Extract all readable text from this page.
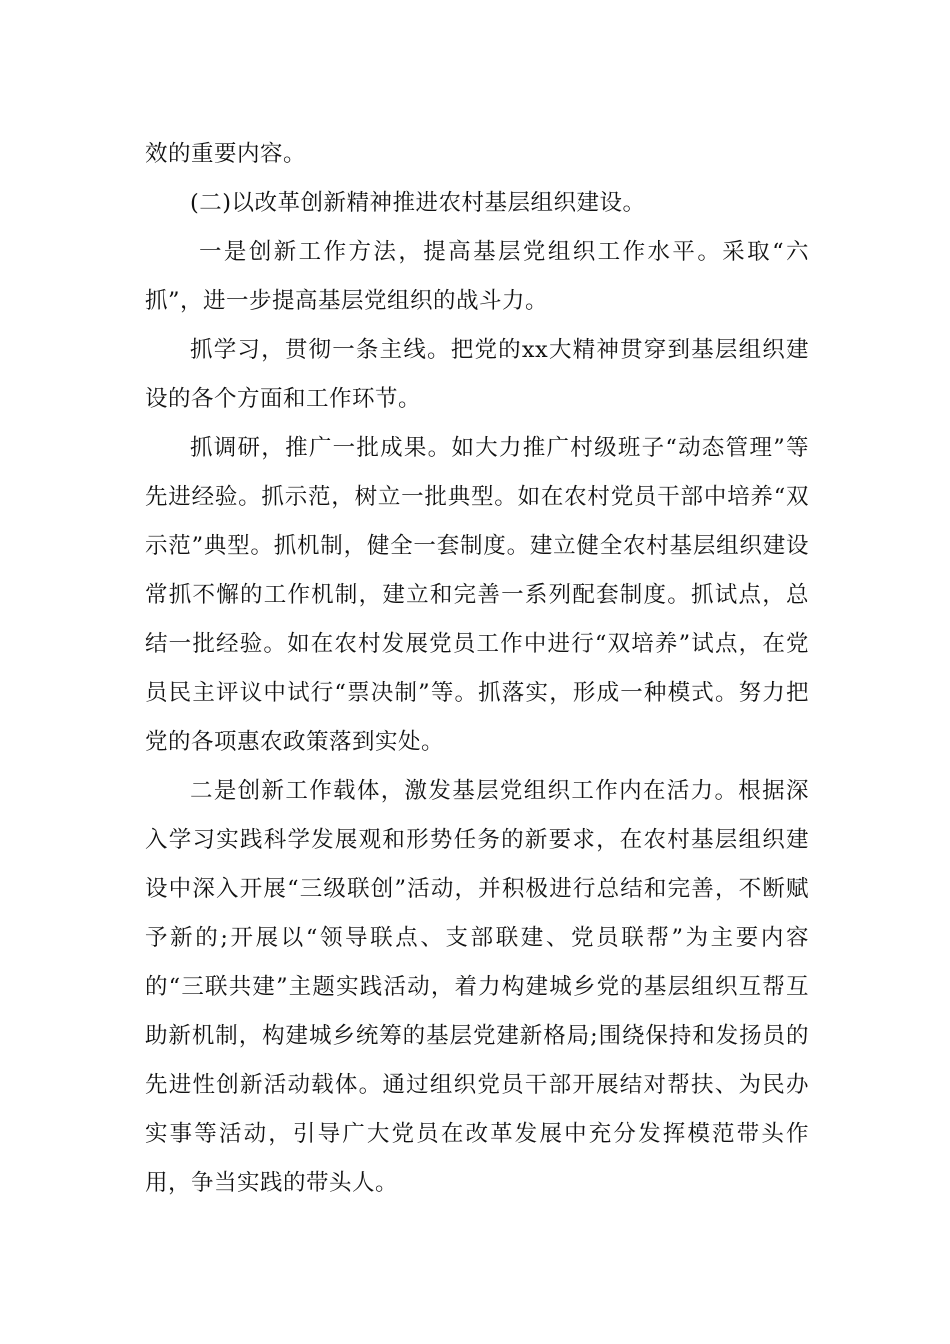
效的重要内容。

(二)以改革创新精神推进农村基层组织建设。

一是创新工作方法，提高基层党组织工作水平。采取“六抓”，进一步提高基层党组织的战斗力。

抓学习，贯彻一条主线。把党的xx大精神贯穿到基层组织建设的各个方面和工作环节。

抓调研，推广一批成果。如大力推广村级班子“动态管理”等先进经验。抓示范，树立一批典型。如在农村党员干部中培养“双示范”典型。抓机制，健全一套制度。建立健全农村基层组织建设常抓不懈的工作机制，建立和完善一系列配套制度。抓试点，总结一批经验。如在农村发展党员工作中进行“双培养”试点，在党员民主评议中试行“票决制”等。抓落实，形成一种模式。努力把党的各项惠农政策落到实处。

二是创新工作载体，激发基层党组织工作内在活力。根据深入学习实践科学发展观和形势任务的新要求，在农村基层组织建设中深入开展“三级联创”活动，并积极进行总结和完善，不断赋予新的;开展以“领导联点、支部联建、党员联帮”为主要内容的“三联共建”主题实践活动，着力构建城乡党的基层组织互帮互助新机制，构建城乡统筹的基层党建新格局;围绕保持和发扬员的先进性创新活动载体。通过组织党员干部开展结对帮扶、为民办实事等活动，引导广大党员在改革发展中充分发挥模范带头作用，争当实践的带头人。
